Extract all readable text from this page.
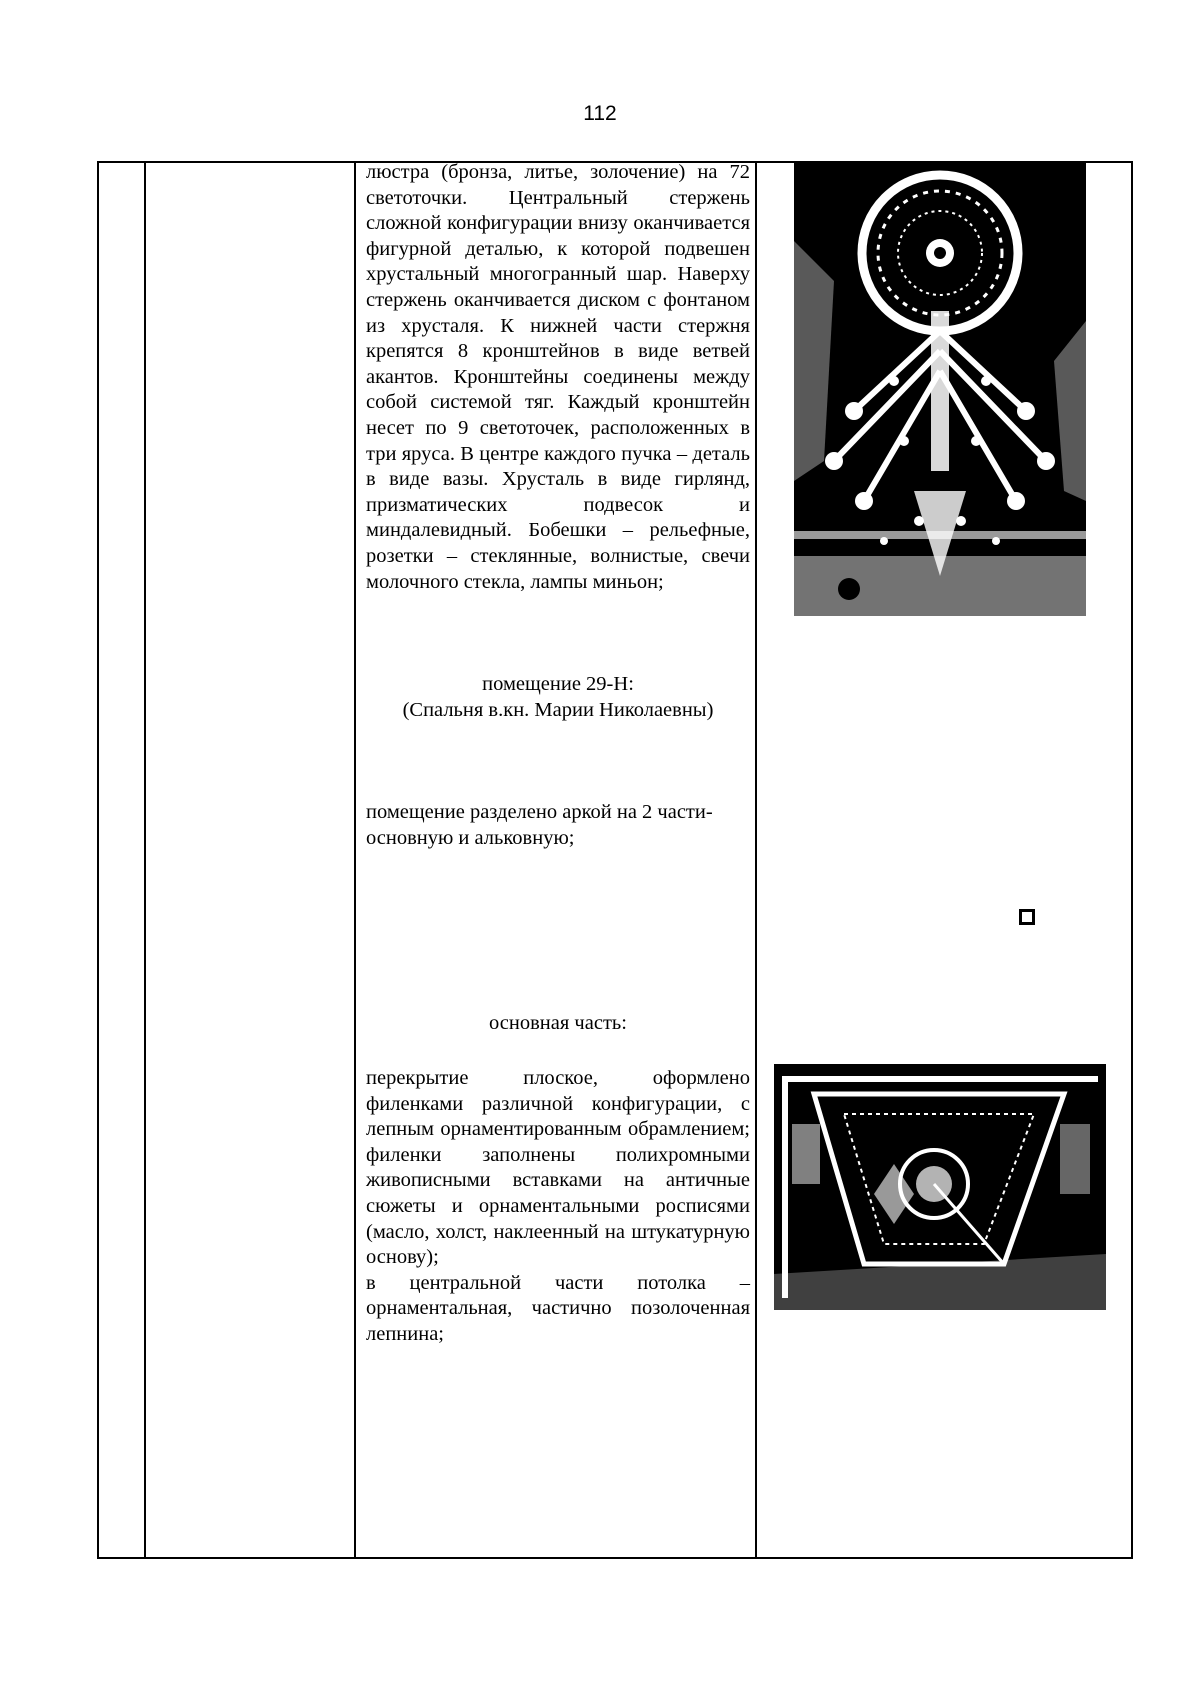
112

люстра (бронза, литье, золочение) на 72 светоточки. Центральный стержень сложной конфигурации внизу оканчивается фигурной деталью, к которой подвешен хрустальный многогранный шар. Наверху стержень оканчивается диском с фонтаном из хрусталя. К нижней части стержня крепятся 8 кронштейнов в виде ветвей акантов. Кронштейны соединены между собой системой тяг. Каждый кронштейн несет по 9 светоточек, расположенных в три яруса. В центре каждого пучка – деталь в виде вазы. Хрусталь в виде гирлянд, призматических подвесок и миндалевидный. Бобешки – рельефные, розетки – стеклянные, волнистые, свечи молочного стекла, лампы миньон;

помещение 29-Н:
(Спальня в.кн. Марии Николаевны)
помещение разделено аркой на 2 части- основную и альковную;
основная часть:

перекрытие плоское, оформлено филенками различной конфигурации, с лепным орнаментированным обрамлением; филенки заполнены полихромными живописными вставками на античные сюжеты и орнаментальными росписями (масло, холст, наклеенный на штукатурную основу);

в центральной части потолка – орнаментальная, частично позолоченная лепнина;
